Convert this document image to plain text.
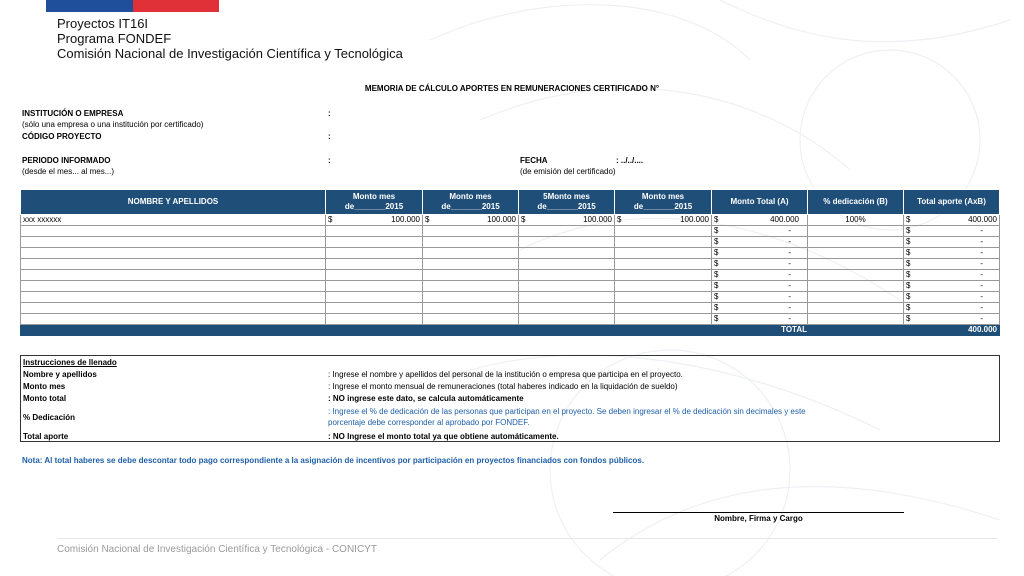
Proyectos IT16I
Programa FONDEF
Comisión Nacional de Investigación Científica y Tecnológica
MEMORIA DE CÁLCULO APORTES EN REMUNERACIONES CERTIFICADO N°
INSTITUCIÓN O EMPRESA	:
(sólo una empresa o una institución por certificado)
CÓDIGO PROYECTO	:
PERIODO INFORMADO	:
(desde el mes... al mes...)
FECHA	: ../../....
(de emisión del certificado)
NOMBRE Y APELLIDOS	Monto mes de_______2015	Monto mes de_______2015	5Monto mes de_______2015	Monto mes de_______2015	Monto Total (A)	% dedicación (B)	Total aporte (AxB)
xxx xxxxxx	$ 100.000	$ 100.000	$ 100.000	$ 100.000	$ 400.000	100%	$ 400.000

					$ -		$ -

					$ -		$ -

					$ -		$ -

					$ -		$ -

					$ -		$ -

					$ -		$ -

					$ -		$ -

					$ -		$ -

					$ -		$ -

TOTAL							400.000
Instrucciones de llenado
Nombre y apellidos	: Ingrese el nombre y apellidos del personal de la institución o empresa que participa en el proyecto.
Monto mes	: Ingrese el monto mensual de remuneraciones (total haberes indicado en la liquidación de sueldo)
Monto total	: NO ingrese este dato, se calcula automáticamente
% Dedicación
: Ingrese el % de dedicación de las personas que participan en el proyecto. Se deben ingresar el % de dedicación sin decimales y este
porcentaje debe corresponder al aprobado por FONDEF.
Total aporte	: NO Ingrese el monto total ya que obtiene automáticamente.
Nota: Al total haberes se debe descontar todo pago correspondiente a la asignación de incentivos por participación en proyectos financiados con fondos públicos.
Nombre, Firma y Cargo
Comisión Nacional de Investigación Científica y Tecnológica - CONICYT
